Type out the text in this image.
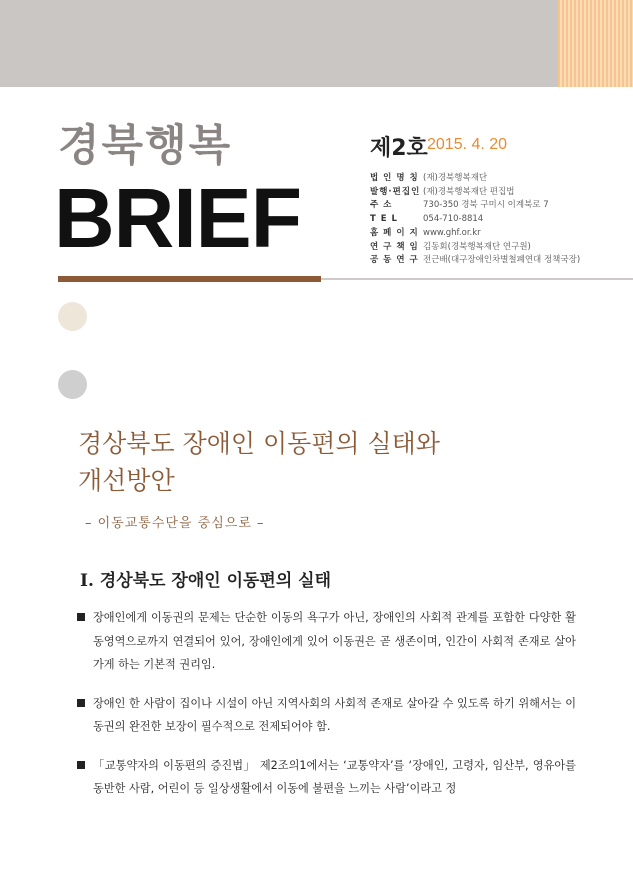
경북행복
BRIEF
제2호 2015. 4. 20
법 인 명 칭 (재)경북행복재단
발행·편집인 (재)경북행복재단 편집법
주 소	730-350 경북 구미시 이계북로 7
T E L	054-710-8814
홈 페 이 지 www.ghf.or.kr
연 구 책 임 김동회(경북행복재단 연구원)
공 동 연 구 전근배(대구장애인차별철폐연대 정책국장)
경상북도 장애인 이동편의 실태와
개선방안
– 이동교통수단을 중심으로 –
Ⅰ. 경상북도 장애인 이동편의 실태
장애인에게 이동권의 문제는 단순한 이동의 욕구가 아닌, 장애인의 사회적 관계를 포함한 다양한 활동영역으로까지 연결되어 있어, 장애인에게 있어 이동권은 곧 생존이며, 인간이 사회적 존재로 살아가게 하는 기본적 권리임.
장애인 한 사람이 집이나 시설이 아닌 지역사회의 사회적 존재로 살아갈 수 있도록 하기 위해서는 이동권의 완전한 보장이 필수적으로 전제되어야 함.
「교통약자의 이동편의 증진법」 제2조의1에서는 ‘교통약자’를 ‘장애인, 고령자, 임산부, 영유아를 동반한 사람, 어린이 등 일상생활에서 이동에 불편을 느끼는 사람’이라고 정
